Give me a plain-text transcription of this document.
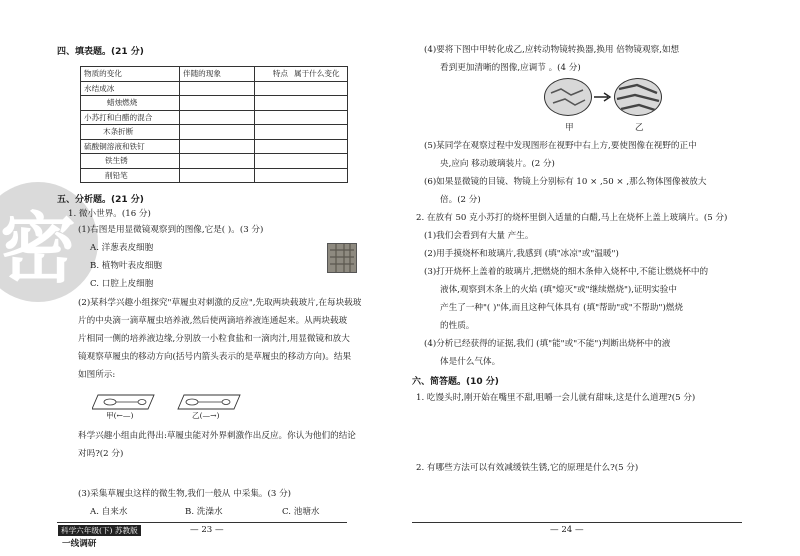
密
四、填表题。(21 分)
物质的变化	伴随的现象	特点	属于什么变化
水结成冰			
蜡烛燃烧			
小苏打和白醋的混合			
木条折断			
硫酸铜溶液和铁钉			
铁生锈			
削铅笔			
五、分析题。(21 分)
1. 微小世界。(16 分)
(1)右图是用显微镜观察到的图像,它是( )。(3 分)
A. 洋葱表皮细胞
B. 植物叶表皮细胞
C. 口腔上皮细胞
(2)某科学兴趣小组探究"草履虫对刺激的反应",先取两块载玻片,在每块载玻
片的中央滴一滴草履虫培养液,然后使两滴培养液连通起来。从两块载玻
片相同一侧的培养液边缘,分别放一小粒食盐和一滴肉汁,用显微镜和放大
镜观察草履虫的移动方向(括号内箭头表示的是草履虫的移动方向)。结果
如图所示:
甲(←—)	乙(—→)
科学兴趣小组由此得出:草履虫能对外界刺激作出反应。你认为他们的结论
对吗?(2 分)
(3)采集草履虫这样的微生物,我们一般从 中采集。(3 分)
A. 自来水	B. 洗澡水	C. 池塘水
科学六年级(下) 苏教版
一线调研
— 23 —
(4)要将下图中甲转化成乙,应转动物镜转换器,换用 倍物镜观察,如想
看到更加清晰的图像,应调节 。(4 分)
甲	乙
(5)某同学在观察过程中发现图形在视野中右上方,要使图像在视野的正中
央,应向 移动玻璃装片。(2 分)
(6)如果显微镜的目镜、物镜上分别标有 10 × ,50 × ,那么物体图像被放大
倍。(2 分)
2. 在放有 50 克小苏打的烧杯里倒入适量的白醋,马上在烧杯上盖上玻璃片。(5 分)
(1)我们会看到有大量 产生。
(2)用手摸烧杯和玻璃片,我感到 (填"冰凉"或"温暖")
(3)打开烧杯上盖着的玻璃片,把燃烧的细木条伸入烧杯中,不能让燃烧杯中的
液体,观察到木条上的火焰 (填"熄灭"或"继续燃烧"),证明实验中
产生了一种"( )"体,而且这种气体具有 (填"帮助"或"不帮助")燃烧
的性质。
(4)分析已经获得的证据,我们 (填"能"或"不能")判断出烧杯中的液
体是什么气体。
六、简答题。(10 分)
1. 吃馒头时,刚开始在嘴里不甜,咀嚼一会儿就有甜味,这是什么道理?(5 分)
2. 有哪些方法可以有效减缓铁生锈,它的原理是什么?(5 分)
— 24 —
